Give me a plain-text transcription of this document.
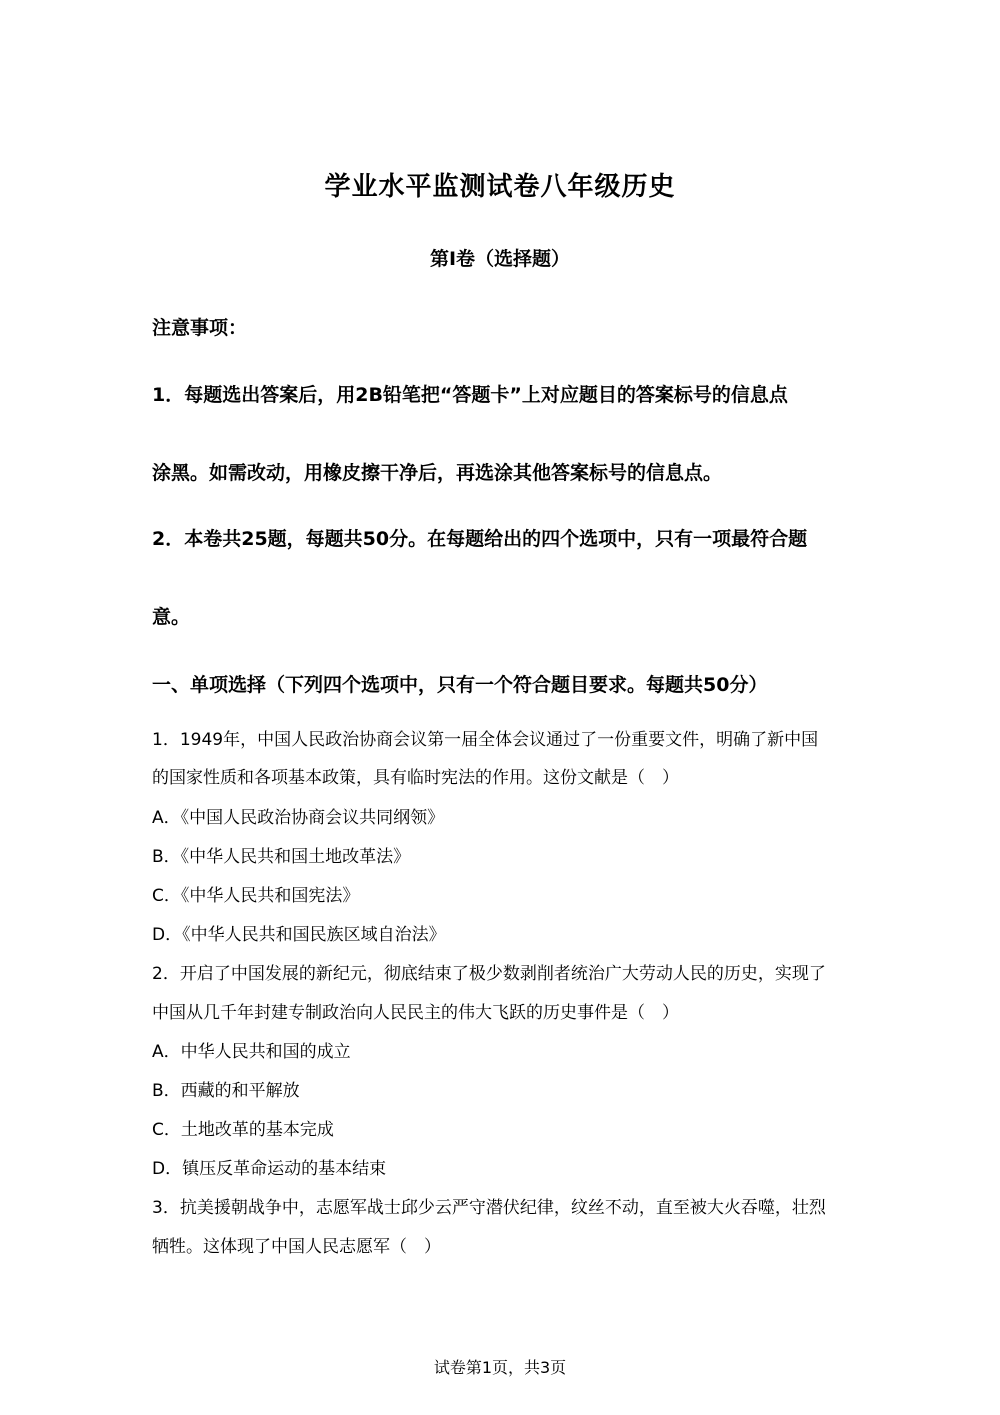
学业水平监测试卷八年级历史
第Ⅰ卷（选择题）
注意事项：
1．每题选出答案后，用2B铅笔把“答题卡”上对应题目的答案标号的信息点
涂黑。如需改动，用橡皮擦干净后，再选涂其他答案标号的信息点。
2．本卷共25题，每题共50分。在每题给出的四个选项中，只有一项最符合题
意。
一、单项选择（下列四个选项中，只有一个符合题目要求。每题共50分）
1．1949年，中国人民政治协商会议第一届全体会议通过了一份重要文件，明确了新中国
的国家性质和各项基本政策，具有临时宪法的作用。这份文献是（　）
A．《中国人民政治协商会议共同纲领》
B．《中华人民共和国土地改革法》
C．《中华人民共和国宪法》
D．《中华人民共和国民族区域自治法》
2．开启了中国发展的新纪元，彻底结束了极少数剥削者统治广大劳动人民的历史，实现了
中国从几千年封建专制政治向人民民主的伟大飞跃的历史事件是（　）
A．中华人民共和国的成立
B．西藏的和平解放
C．土地改革的基本完成
D．镇压反革命运动的基本结束
3．抗美援朝战争中，志愿军战士邱少云严守潜伏纪律，纹丝不动，直至被大火吞噬，壮烈
牺牲。这体现了中国人民志愿军（　）
试卷第1页，共3页
